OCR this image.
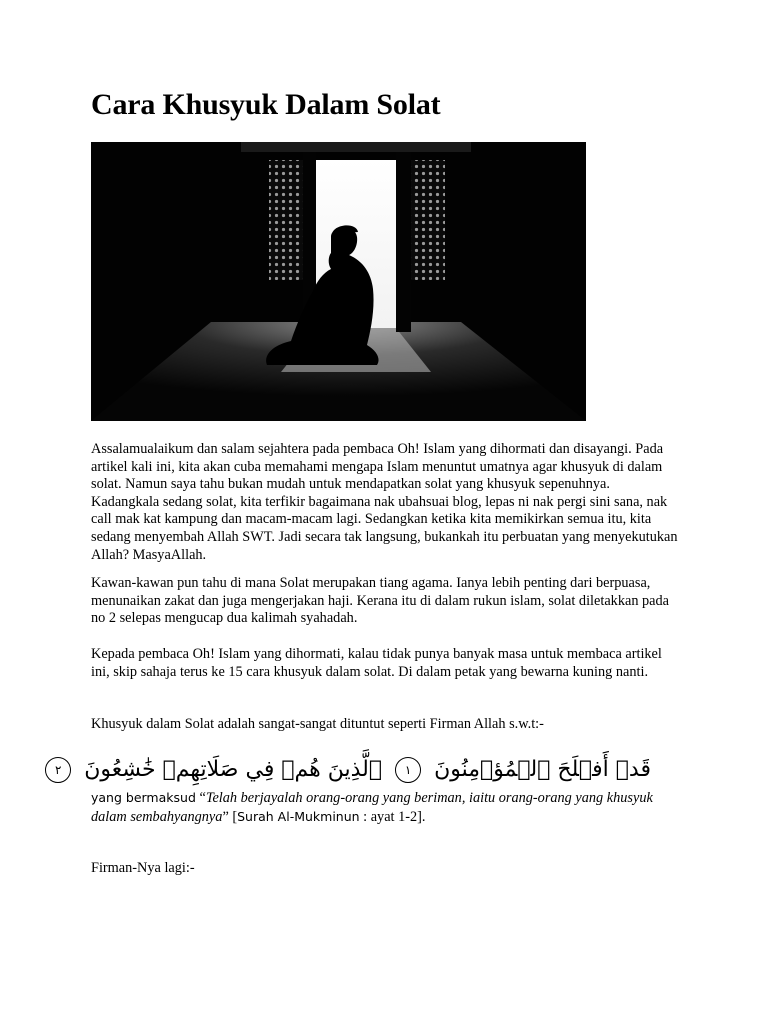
Cara Khusyuk Dalam Solat

Assalamualaikum dan salam sejahtera pada pembaca Oh! Islam yang dihormati dan disayangi. Pada artikel kali ini, kita akan cuba memahami mengapa Islam menuntut umatnya agar khusyuk di dalam solat. Namun saya tahu bukan mudah untuk mendapatkan solat yang khusyuk sepenuhnya. Kadangkala sedang solat, kita terfikir bagaimana nak ubahsuai blog, lepas ni nak pergi sini sana, nak call mak kat kampung dan macam-macam lagi. Sedangkan ketika kita memikirkan semua itu, kita sedang menyembah Allah SWT. Jadi secara tak langsung, bukankah itu perbuatan yang menyekutukan Allah? MasyaAllah.

Kawan-kawan pun tahu di mana Solat merupakan tiang agama. Ianya lebih penting dari berpuasa, menunaikan zakat dan juga mengerjakan haji. Kerana itu di dalam rukun islam, solat diletakkan pada no 2 selepas mengucap dua kalimah syahadah.

Kepada pembaca Oh! Islam yang dihormati, kalau tidak punya banyak masa untuk membaca artikel ini, skip sahaja terus ke 15 cara khusyuk dalam solat. Di dalam petak yang bewarna kuning nanti.

Khusyuk dalam Solat adalah sangat-sangat dituntut seperti Firman Allah s.w.t:-

قَدۡ أَفۡلَحَ ٱلۡمُؤۡمِنُونَ ١ ٱلَّذِينَ هُمۡ فِي صَلَاتِهِمۡ خَٰشِعُونَ ٢

yang bermaksud “Telah berjayalah orang-orang yang beriman, iaitu orang-orang yang khusyuk dalam sembahyangnya” [Surah Al-Mukminun : ayat 1-2].

Firman-Nya lagi:-
